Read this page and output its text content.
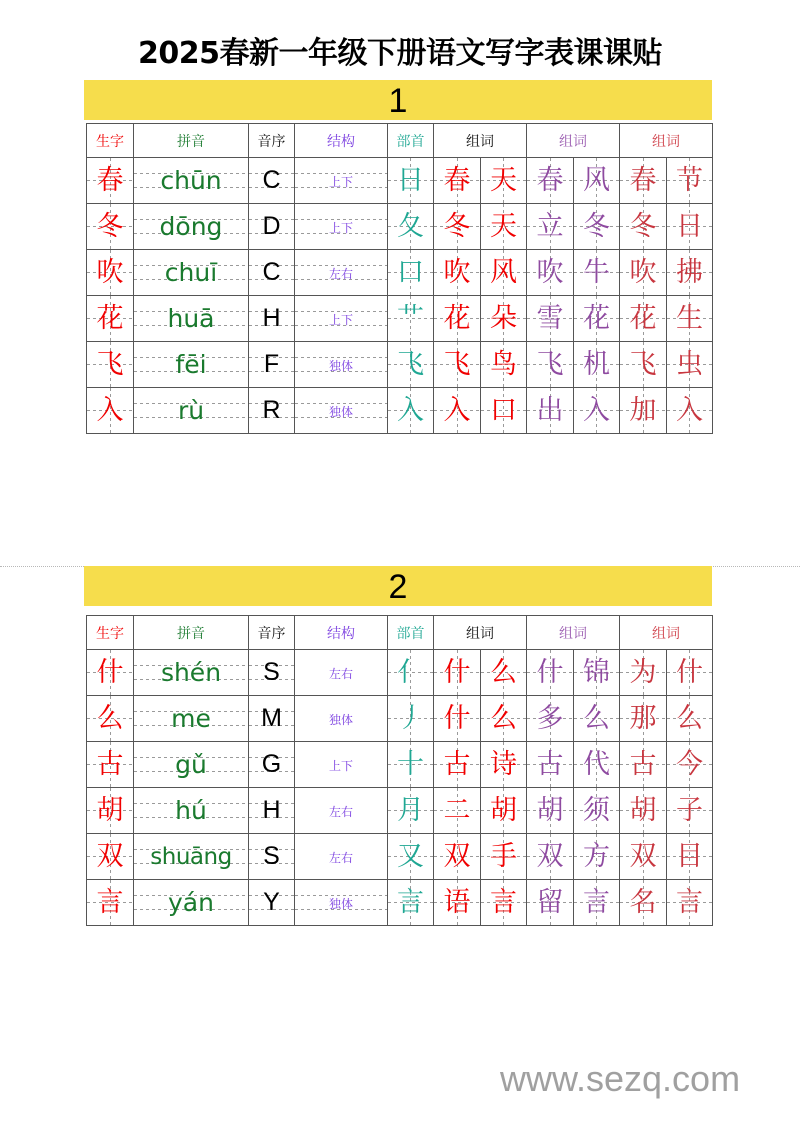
2025春新一年级下册语文写字表课课贴
1
生字	拼音	音序	结构	部首	组词		组词		组词	
春	chūn	C	上下	日	春	天	春	风	春	节
冬	dōng	D	上下	夂	冬	天	立	冬	冬	日
吹	chuī	C	左右	口	吹	风	吹	牛	吹	拂
花	huā	H	上下	艹	花	朵	雪	花	花	生
飞	fēi	F	独体	飞	飞	鸟	飞	机	飞	虫
入	rù	R	独体	入	入	口	出	入	加	入
2
生字	拼音	音序	结构	部首	组词		组词		组词	
什	shén	S	左右	亻	什	么	什	锦	为	什
么	me	M	独体	丿	什	么	多	么	那	么
古	gǔ	G	上下	十	古	诗	古	代	古	今
胡	hú	H	左右	月	二	胡	胡	须	胡	子
双	shuāng	S	左右	又	双	手	双	方	双	目
言	yán	Y	独体	言	语	言	留	言	名	言
www.sezq.com
